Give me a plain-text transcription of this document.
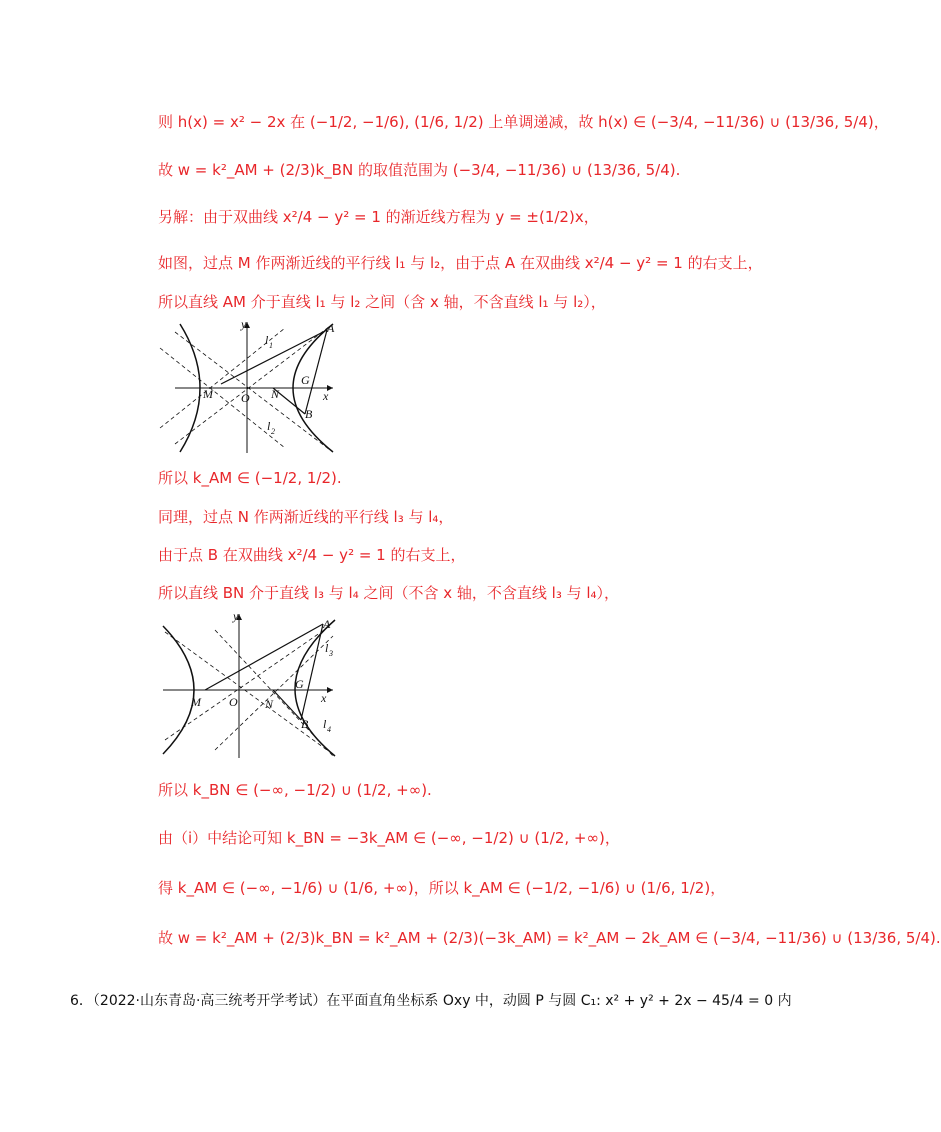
则 h(x) = x² − 2x 在 (−1/2, −1/6), (1/6, 1/2) 上单调递减，故 h(x) ∈ (−3/4, −11/36) ∪ (13/36, 5/4)，
故 w = k²_AM + (2/3)k_BN 的取值范围为 (−3/4, −11/36) ∪ (13/36, 5/4).
另解：由于双曲线 x²/4 − y² = 1 的渐近线方程为 y = ±(1/2)x，
如图，过点 M 作两渐近线的平行线 l₁ 与 l₂，由于点 A 在双曲线 x²/4 − y² = 1 的右支上，
所以直线 AM 介于直线 l₁ 与 l₂ 之间（含 x 轴，不含直线 l₁ 与 l₂），
y
x
l 1
l 2
A
M O N
G
B
所以 k_AM ∈ (−1/2, 1/2).
同理，过点 N 作两渐近线的平行线 l₃ 与 l₄，
由于点 B 在双曲线 x²/4 − y² = 1 的右支上，
所以直线 BN 介于直线 l₃ 与 l₄ 之间（不含 x 轴，不含直线 l₃ 与 l₄），
y
x
A
l 3
G
M O N
B l 4
所以 k_BN ∈ (−∞, −1/2) ∪ (1/2, +∞).
由（i）中结论可知 k_BN = −3k_AM ∈ (−∞, −1/2) ∪ (1/2, +∞)，
得 k_AM ∈ (−∞, −1/6) ∪ (1/6, +∞)，所以 k_AM ∈ (−1/2, −1/6) ∪ (1/6, 1/2)，
故 w = k²_AM + (2/3)k_BN = k²_AM + (2/3)(−3k_AM) = k²_AM − 2k_AM ∈ (−3/4, −11/36) ∪ (13/36, 5/4).
6．（2022·山东青岛·高三统考开学考试）在平面直角坐标系 Oxy 中，动圆 P 与圆 C₁: x² + y² + 2x − 45/4 = 0 内
